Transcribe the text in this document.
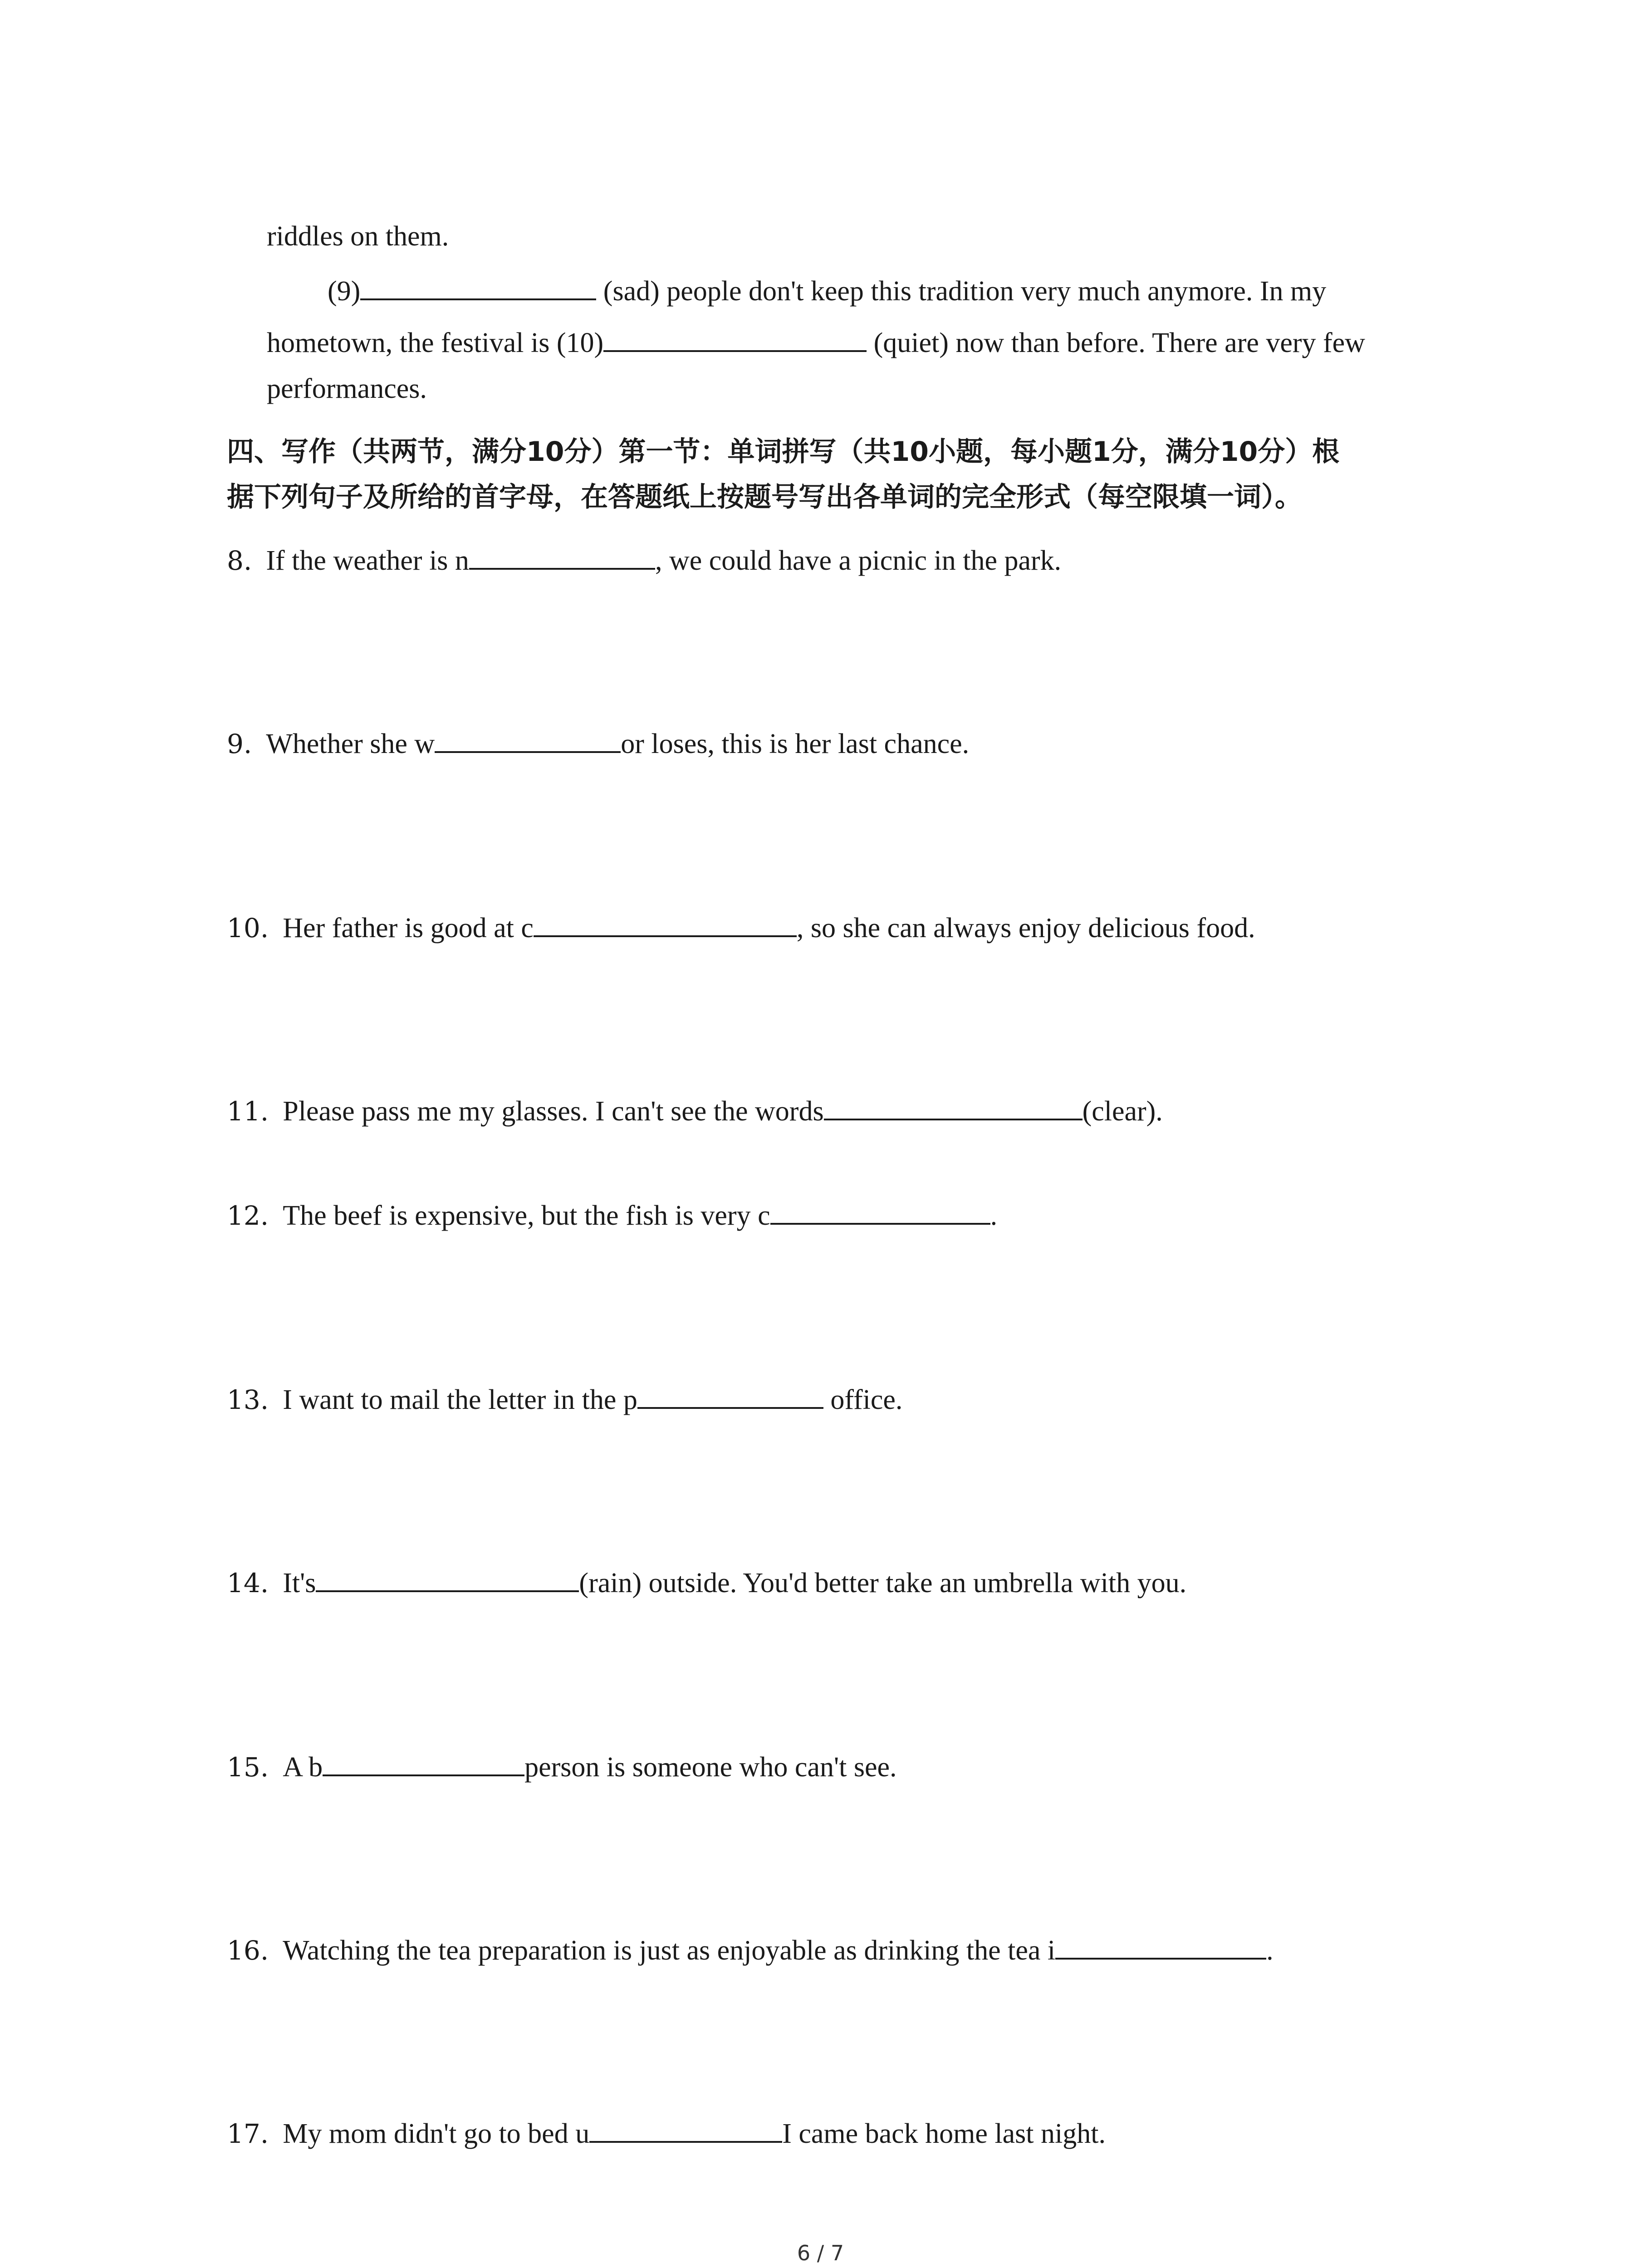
riddles on them.
(9)	(sad) people don't keep this tradition very much anymore. In my
hometown, the festival is (10)	(quiet) now than before. There are very few
performances.
四、写作（共两节，满分10分）第一节：单词拼写（共10小题，每小题1分，满分10分）根
据下列句子及所给的首字母，在答题纸上按题号写出各单词的完全形式（每空限填一词）。
8. If the weather is n	, we could have a picnic in the park.
9. Whether she w	or loses, this is her last chance.
10. Her father is good at c	, so she can always enjoy delicious food.
11. Please pass me my glasses. I can't see the words	(clear).
12. The beef is expensive, but the fish is very c	.
13. I want to mail the letter in the p	office.
14. It's	(rain) outside. You'd better take an umbrella with you.
15. A b	person is someone who can't see.
16. Watching the tea preparation is just as enjoyable as drinking the tea i	.
17. My mom didn't go to bed u	I came back home last night.
6 / 7
